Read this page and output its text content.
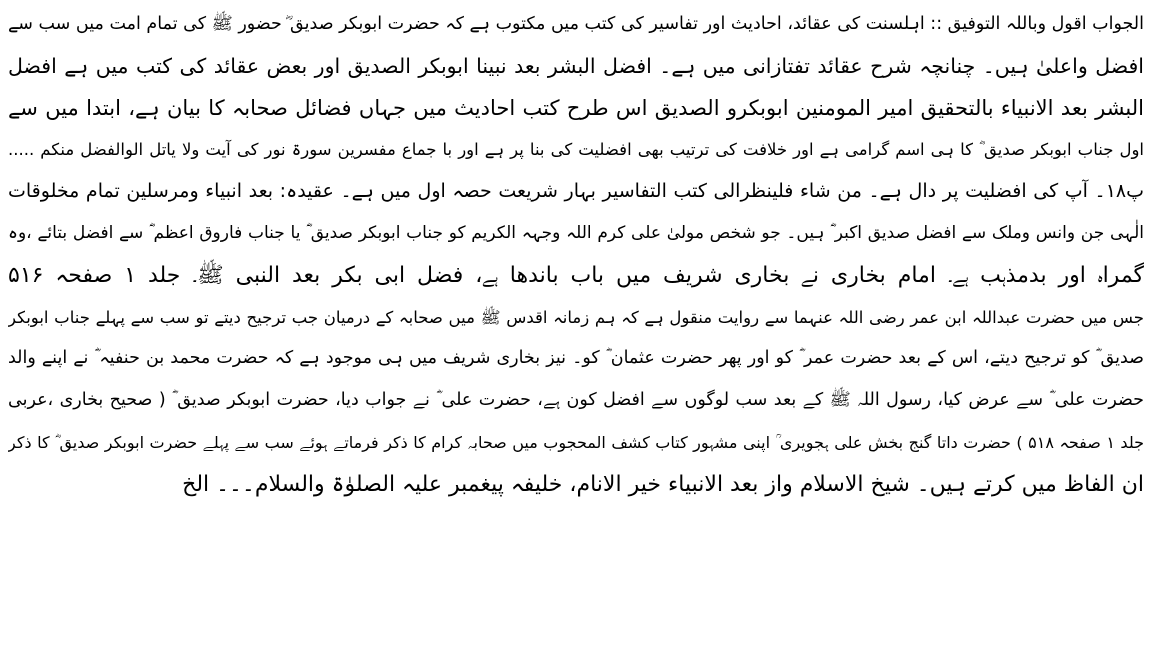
الجواب اقول وباللہ التوفیق :: اہلسنت کی عقائد، احادیث اور تفاسیر کی کتب میں مکتوب ہے کہ حضرت ابوبکر صدیق ؓ حضور ﷺ کی تمام امت میں سب سے
افضل واعلیٰ ہیں۔ چنانچہ شرح عقائد تفتازانی میں ہے۔ افضل البشر بعد نبینا ابوبکر الصدیق اور بعض عقائد کی کتب میں ہے افضل
البشر بعد الانبیاء بالتحقیق امیر المومنین ابوبکرو الصدیق اس طرح کتب احادیث میں جہاں فضائل صحابہ کا بیان ہے، ابتدا میں سے
اول جناب ابوبکر صدیق ؓ کا ہی اسم گرامی ہے اور خلافت کی ترتیب بھی افضلیت کی بنا پر ہے اور با جماع مفسرین سورۃ نور کی آیت ولا یاتل الوالفضل منکم .....
پ۱۸۔ آپ کی افضلیت پر دال ہے۔ من شاء فلینظرالی کتب التفاسیر بہار شریعت حصہ اول میں ہے۔ عقیدہ: بعد انبیاء ومرسلین تمام مخلوقات
الٰہی جن وانس وملک سے افضل صدیق اکبر ؓ ہیں۔ جو شخص مولیٰ علی کرم اللہ وجہہ الکریم کو جناب ابوبکر صدیق ؓ یا جناب فاروق اعظم ؓ سے افضل بتائے ،وہ
گمراہ اور بدمذہب ہے۔ امام بخاری نے بخاری شریف میں باب باندھا ہے، فضل ابی بکر بعد النبی ﷺ۔ جلد ۱ صفحہ ۵۱۶
جس میں حضرت عبداللہ ابن عمر رضی اللہ عنہما سے روایت منقول ہے کہ ہم زمانہ اقدس ﷺ میں صحابہ کے درمیان جب ترجیح دیتے تو سب سے پہلے جناب ابوبکر
صدیق ؓ کو ترجیح دیتے، اس کے بعد حضرت عمر ؓ کو اور پھر حضرت عثمان ؓ کو۔ نیز بخاری شریف میں ہی موجود ہے کہ حضرت محمد بن حنفیہ ؓ نے اپنے والد
حضرت علی ؓ سے عرض کیا، رسول اللہ ﷺ کے بعد سب لوگوں سے افضل کون ہے، حضرت علی ؓ نے جواب دیا، حضرت ابوبکر صدیق ؓ ( صحیح بخاری ،عربی
جلد ۱ صفحہ ۵۱۸ ) حضرت داتا گنج بخش علی ہجویری ؒ اپنی مشہور کتاب کشف المحجوب میں صحابہ کرام کا ذکر فرماتے ہوئے سب سے پہلے حضرت ابوبکر صدیق ؓ کا ذکر
ان الفاظ میں کرتے ہیں۔ شیخ الاسلام واز بعد الانبیاء خیر الانام، خلیفہ پیغمبر علیہ الصلوٰۃ والسلام۔۔۔ الخ
